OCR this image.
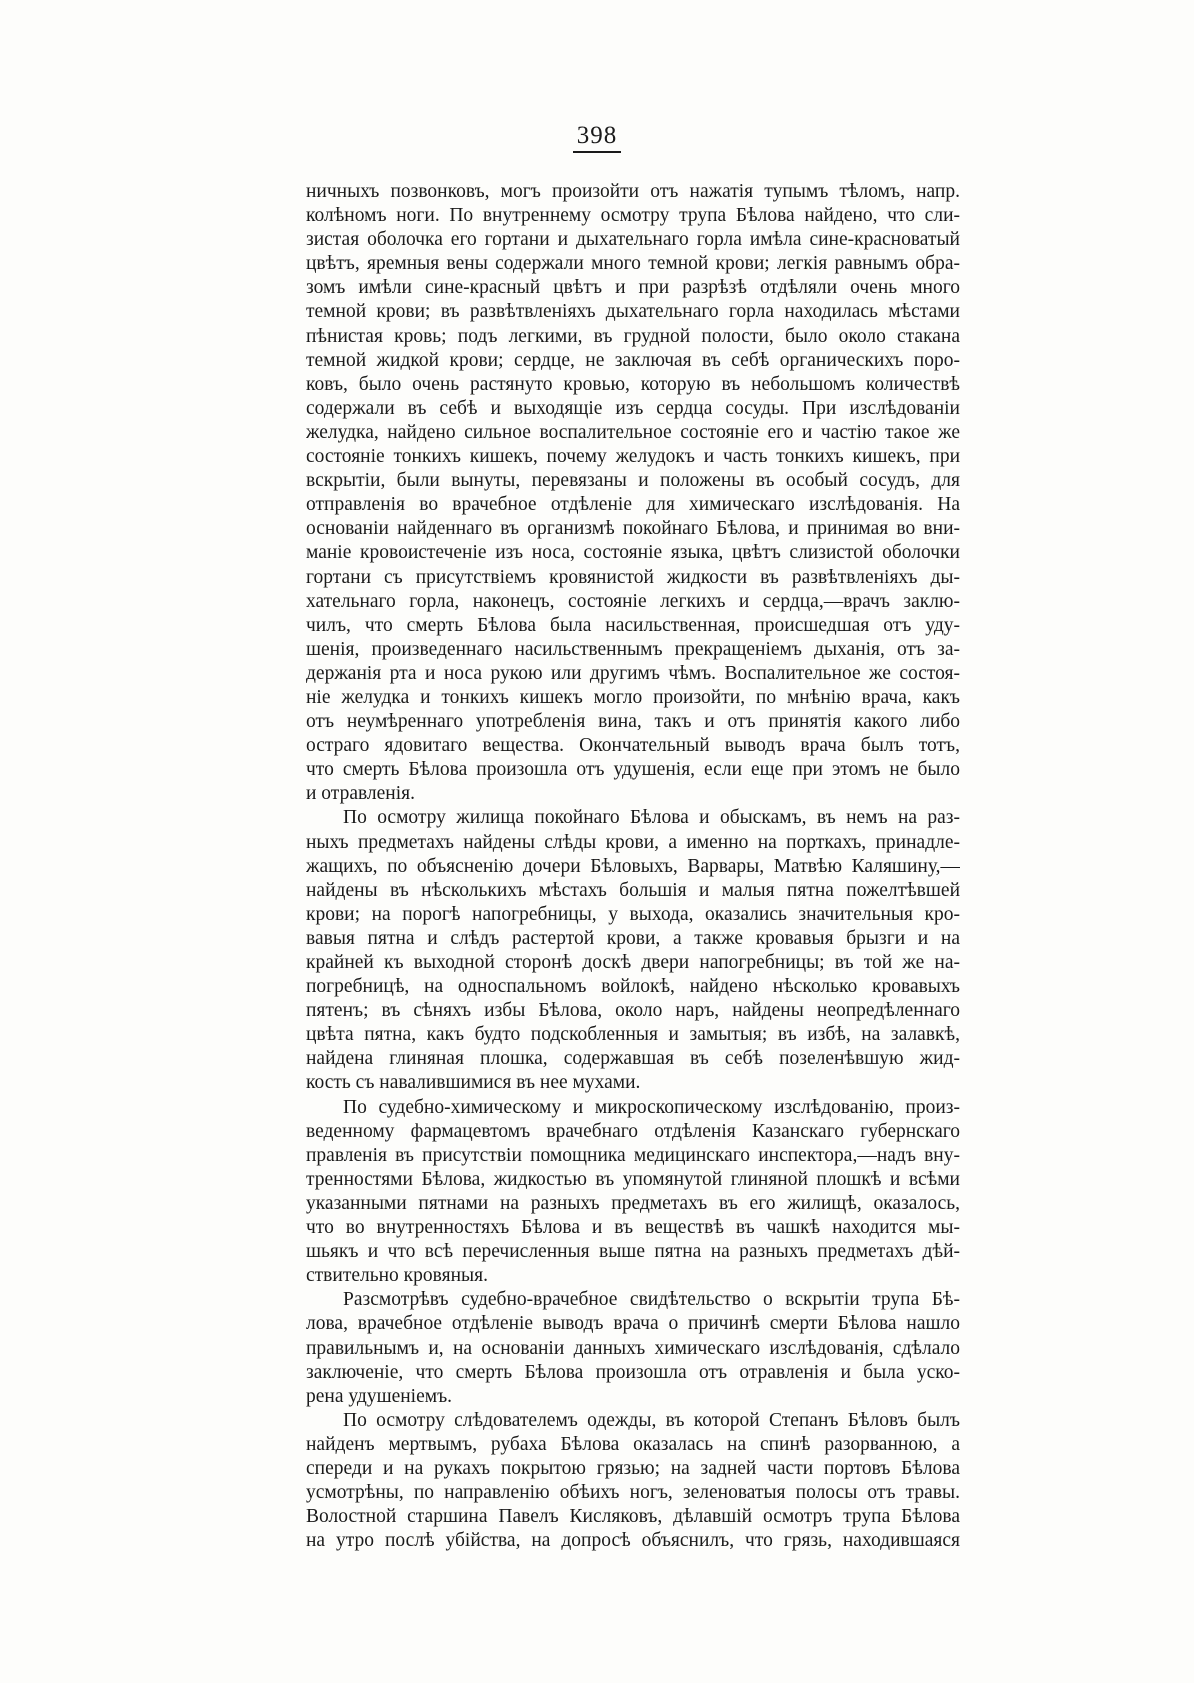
398
ничныхъ позвонковъ, могъ произойти отъ нажатія тупымъ тѣломъ, напр.
колѣномъ ноги. По внутреннему осмотру трупа Бѣлова найдено, что сли-
зистая оболочка его гортани и дыхательнаго горла имѣла сине-красноватый
цвѣтъ, яремныя вены содержали много темной крови; легкія равнымъ обра-
зомъ имѣли сине-красный цвѣтъ и при разрѣзѣ отдѣляли очень много
темной крови; въ развѣтвленіяхъ дыхательнаго горла находилась мѣстами
пѣнистая кровь; подъ легкими, въ грудной полости, было около стакана
темной жидкой крови; сердце, не заключая въ себѣ органическихъ поро-
ковъ, было очень растянуто кровью, которую въ небольшомъ количествѣ
содержали въ себѣ и выходящіе изъ сердца сосуды. При изслѣдованіи
желудка, найдено сильное воспалительное состояніе его и частію такое же
состояніе тонкихъ кишекъ, почему желудокъ и часть тонкихъ кишекъ, при
вскрытіи, были вынуты, перевязаны и положены въ особый сосудъ, для
отправленія во врачебное отдѣленіе для химическаго изслѣдованія. На
основаніи найденнаго въ организмѣ покойнаго Бѣлова, и принимая во вни-
маніе кровоистеченіе изъ носа, состояніе языка, цвѣтъ слизистой оболочки
гортани съ присутствіемъ кровянистой жидкости въ развѣтвленіяхъ ды-
хательнаго горла, наконецъ, состояніе легкихъ и сердца,—врачъ заклю-
чилъ, что смерть Бѣлова была насильственная, происшедшая отъ уду-
шенія, произведеннаго насильственнымъ прекращеніемъ дыханія, отъ за-
держанія рта и носа рукою или другимъ чѣмъ. Воспалительное же состоя-
ніе желудка и тонкихъ кишекъ могло произойти, по мнѣнію врача, какъ
отъ неумѣреннаго употребленія вина, такъ и отъ принятія какого либо
остраго ядовитаго вещества. Окончательный выводъ врача былъ тотъ,
что смерть Бѣлова произошла отъ удушенія, если еще при этомъ не было
и отравленія.
По осмотру жилища покойнаго Бѣлова и обыскамъ, въ немъ на раз-
ныхъ предметахъ найдены слѣды крови, а именно на порткахъ, принадле-
жащихъ, по объясненію дочери Бѣловыхъ, Варвары, Матвѣю Каляшину,—
найдены въ нѣсколькихъ мѣстахъ большія и малыя пятна пожелтѣвшей
крови; на порогѣ напогребницы, у выхода, оказались значительныя кро-
вавыя пятна и слѣдъ растертой крови, а также кровавыя брызги и на
крайней къ выходной сторонѣ доскѣ двери напогребницы; въ той же на-
погребницѣ, на односпальномъ войлокѣ, найдено нѣсколько кровавыхъ
пятенъ; въ сѣняхъ избы Бѣлова, около наръ, найдены неопредѣленнаго
цвѣта пятна, какъ будто подскобленныя и замытыя; въ избѣ, на залавкѣ,
найдена глиняная плошка, содержавшая въ себѣ позеленѣвшую жид-
кость съ навалившимися въ нее мухами.
По судебно-химическому и микроскопическому изслѣдованію, произ-
веденному фармацевтомъ врачебнаго отдѣленія Казанскаго губернскаго
правленія въ присутствіи помощника медицинскаго инспектора,—надъ вну-
тренностями Бѣлова, жидкостью въ упомянутой глиняной плошкѣ и всѣми
указанными пятнами на разныхъ предметахъ въ его жилищѣ, оказалось,
что во внутренностяхъ Бѣлова и въ веществѣ въ чашкѣ находится мы-
шьякъ и что всѣ перечисленныя выше пятна на разныхъ предметахъ дѣй-
ствительно кровяныя.
Разсмотрѣвъ судебно-врачебное свидѣтельство о вскрытіи трупа Бѣ-
лова, врачебное отдѣленіе выводъ врача о причинѣ смерти Бѣлова нашло
правильнымъ и, на основаніи данныхъ химическаго изслѣдованія, сдѣлало
заключеніе, что смерть Бѣлова произошла отъ отравленія и была уско-
рена удушеніемъ.
По осмотру слѣдователемъ одежды, въ которой Степанъ Бѣловъ былъ
найденъ мертвымъ, рубаха Бѣлова оказалась на спинѣ разорванною, а
спереди и на рукахъ покрытою грязью; на задней части портовъ Бѣлова
усмотрѣны, по направленію обѣихъ ногъ, зеленоватыя полосы отъ травы.
Волостной старшина Павелъ Кисляковъ, дѣлавшій осмотръ трупа Бѣлова
на утро послѣ убійства, на допросѣ объяснилъ, что грязь, находившаяся
